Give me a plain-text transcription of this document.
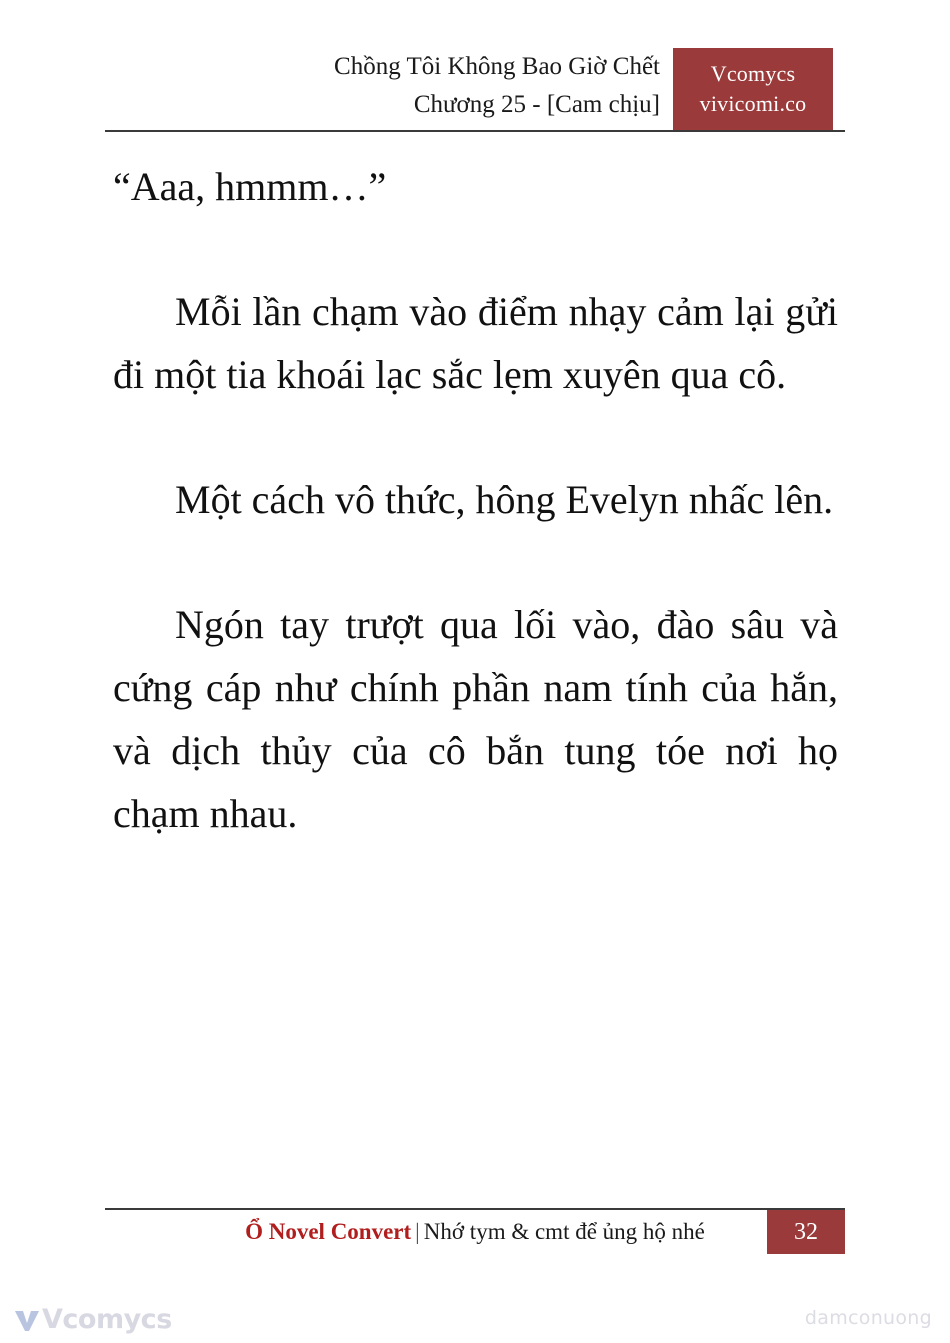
Chồng Tôi Không Bao Giờ Chết
Chương 25 - [Cam chịu]
Vcomycs
vivicomi.co

“Aaa, hmmm…”

Mỗi lần chạm vào điểm nhạy cảm lại gửi đi một tia khoái lạc sắc lẹm xuyên qua cô.

Một cách vô thức, hông Evelyn nhấc lên.

Ngón tay trượt qua lối vào, đào sâu và cứng cáp như chính phần nam tính của hắn, và dịch thủy của cô bắn tung tóe nơi họ chạm nhau.

Ổ Novel Convert | Nhớ tym & cmt để ủng hộ nhé	32
Vcomycs	damconuong
